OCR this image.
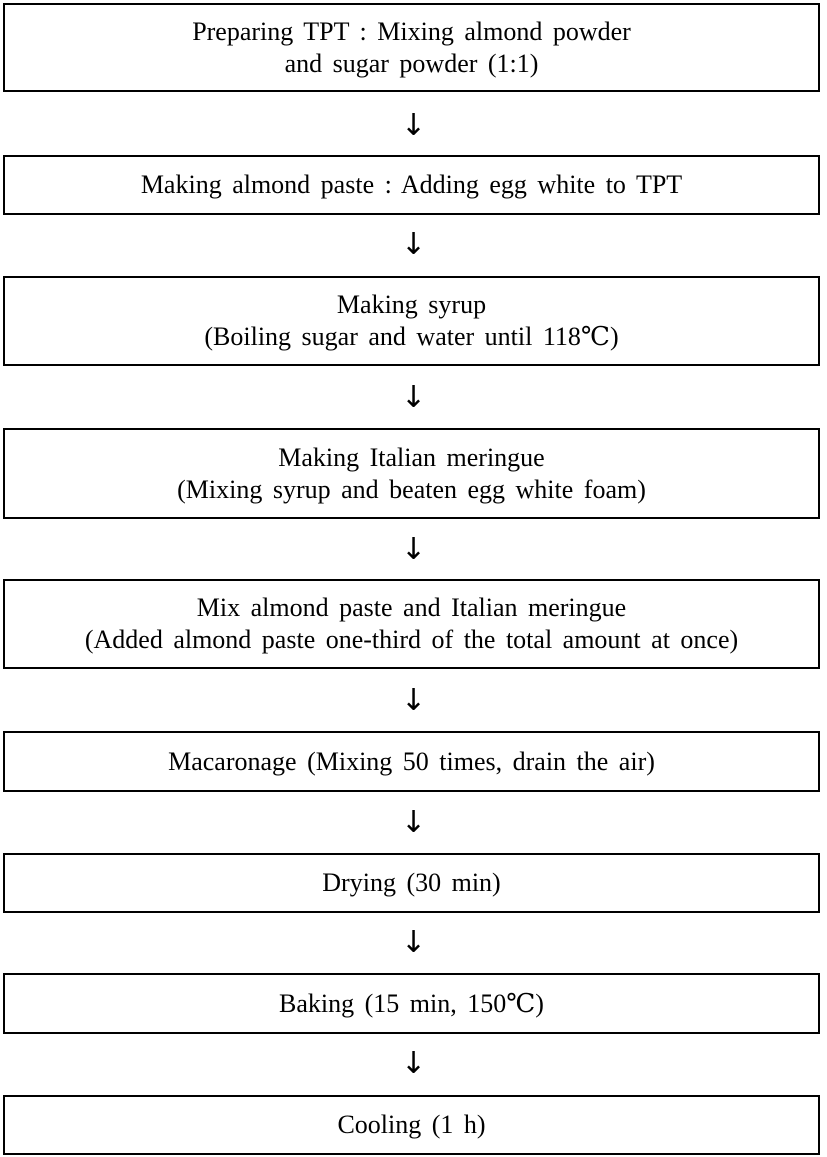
Preparing TPT : Mixing almond powder
and sugar powder (1:1)
↓
Making almond paste : Adding egg white to TPT
↓
Making syrup
(Boiling sugar and water until 118℃)
↓
Making Italian meringue
(Mixing syrup and beaten egg white foam)
↓
Mix almond paste and Italian meringue
(Added almond paste one-third of the total amount at once)
↓
Macaronage (Mixing 50 times, drain the air)
↓
Drying (30 min)
↓
Baking (15 min, 150℃)
↓
Cooling (1 h)
